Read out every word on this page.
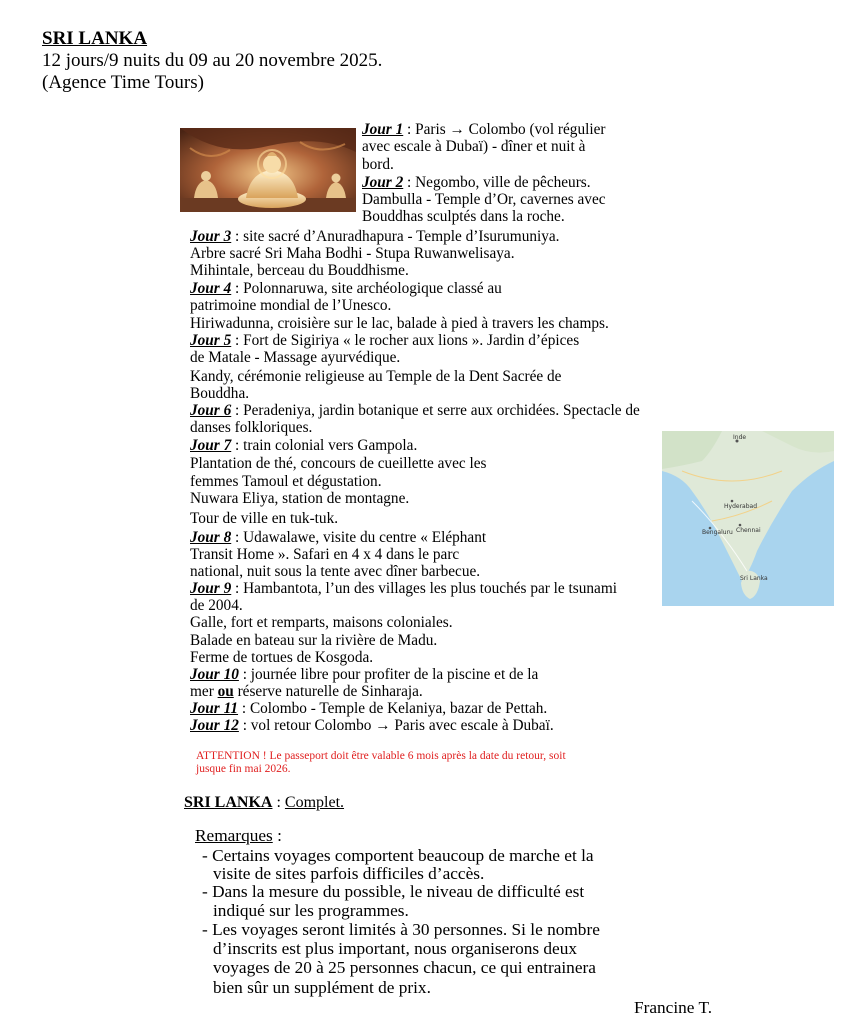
SRI LANKA
12 jours/9 nuits du 09 au 20 novembre 2025.
(Agence Time Tours)
Jour 1 : Paris → Colombo (vol régulier
avec escale à Dubaï) - dîner et nuit à
bord.
Jour 2 : Negombo, ville de pêcheurs.
Dambulla - Temple d’Or, cavernes avec
Bouddhas sculptés dans la roche.
Jour 3 : site sacré d’Anuradhapura - Temple d’Isurumuniya.
Arbre sacré Sri Maha Bodhi - Stupa Ruwanwelisaya.
Mihintale, berceau du Bouddhisme.
Jour 4 : Polonnaruwa, site archéologique classé au
patrimoine mondial de l’Unesco.
Hiriwadunna, croisière sur le lac, balade à pied à travers les champs.
Jour 5 : Fort de Sigiriya « le rocher aux lions ». Jardin d’épices
de Matale - Massage ayurvédique.
Kandy, cérémonie religieuse au Temple de la Dent Sacrée de
Bouddha.
Jour 6 : Peradeniya, jardin botanique et serre aux orchidées. Spectacle de
danses folkloriques.
Jour 7 : train colonial vers Gampola.
Plantation de thé, concours de cueillette avec les
femmes Tamoul et dégustation.
Nuwara Eliya, station de montagne.
Tour de ville en tuk-tuk.
Jour 8 : Udawalawe, visite du centre « Eléphant
Transit Home ». Safari en 4 x 4 dans le parc
national, nuit sous la tente avec dîner barbecue.
Jour 9 : Hambantota, l’un des villages les plus touchés par le tsunami
de 2004.
Galle, fort et remparts, maisons coloniales.
Balade en bateau sur la rivière de Madu.
Ferme de tortues de Kosgoda.
Jour 10 : journée libre pour profiter de la piscine et de la
mer ou réserve naturelle de Sinharaja.
Jour 11 : Colombo - Temple de Kelaniya, bazar de Pettah.
Jour 12 : vol retour Colombo → Paris avec escale à Dubaï.
Inde
Bengaluru Chennai
Hyderabad
Sri Lanka
ATTENTION ! Le passeport doit être valable 6 mois après la date du retour, soit
jusque fin mai 2026.
SRI LANKA : Complet.
Remarques :
- Certains voyages comportent beaucoup de marche et la
visite de sites parfois difficiles d’accès.
- Dans la mesure du possible, le niveau de difficulté est
indiqué sur les programmes.
- Les voyages seront limités à 30 personnes. Si le nombre
d’inscrits est plus important, nous organiserons deux
voyages de 20 à 25 personnes chacun, ce qui entrainera
bien sûr un supplément de prix.
Francine T.
